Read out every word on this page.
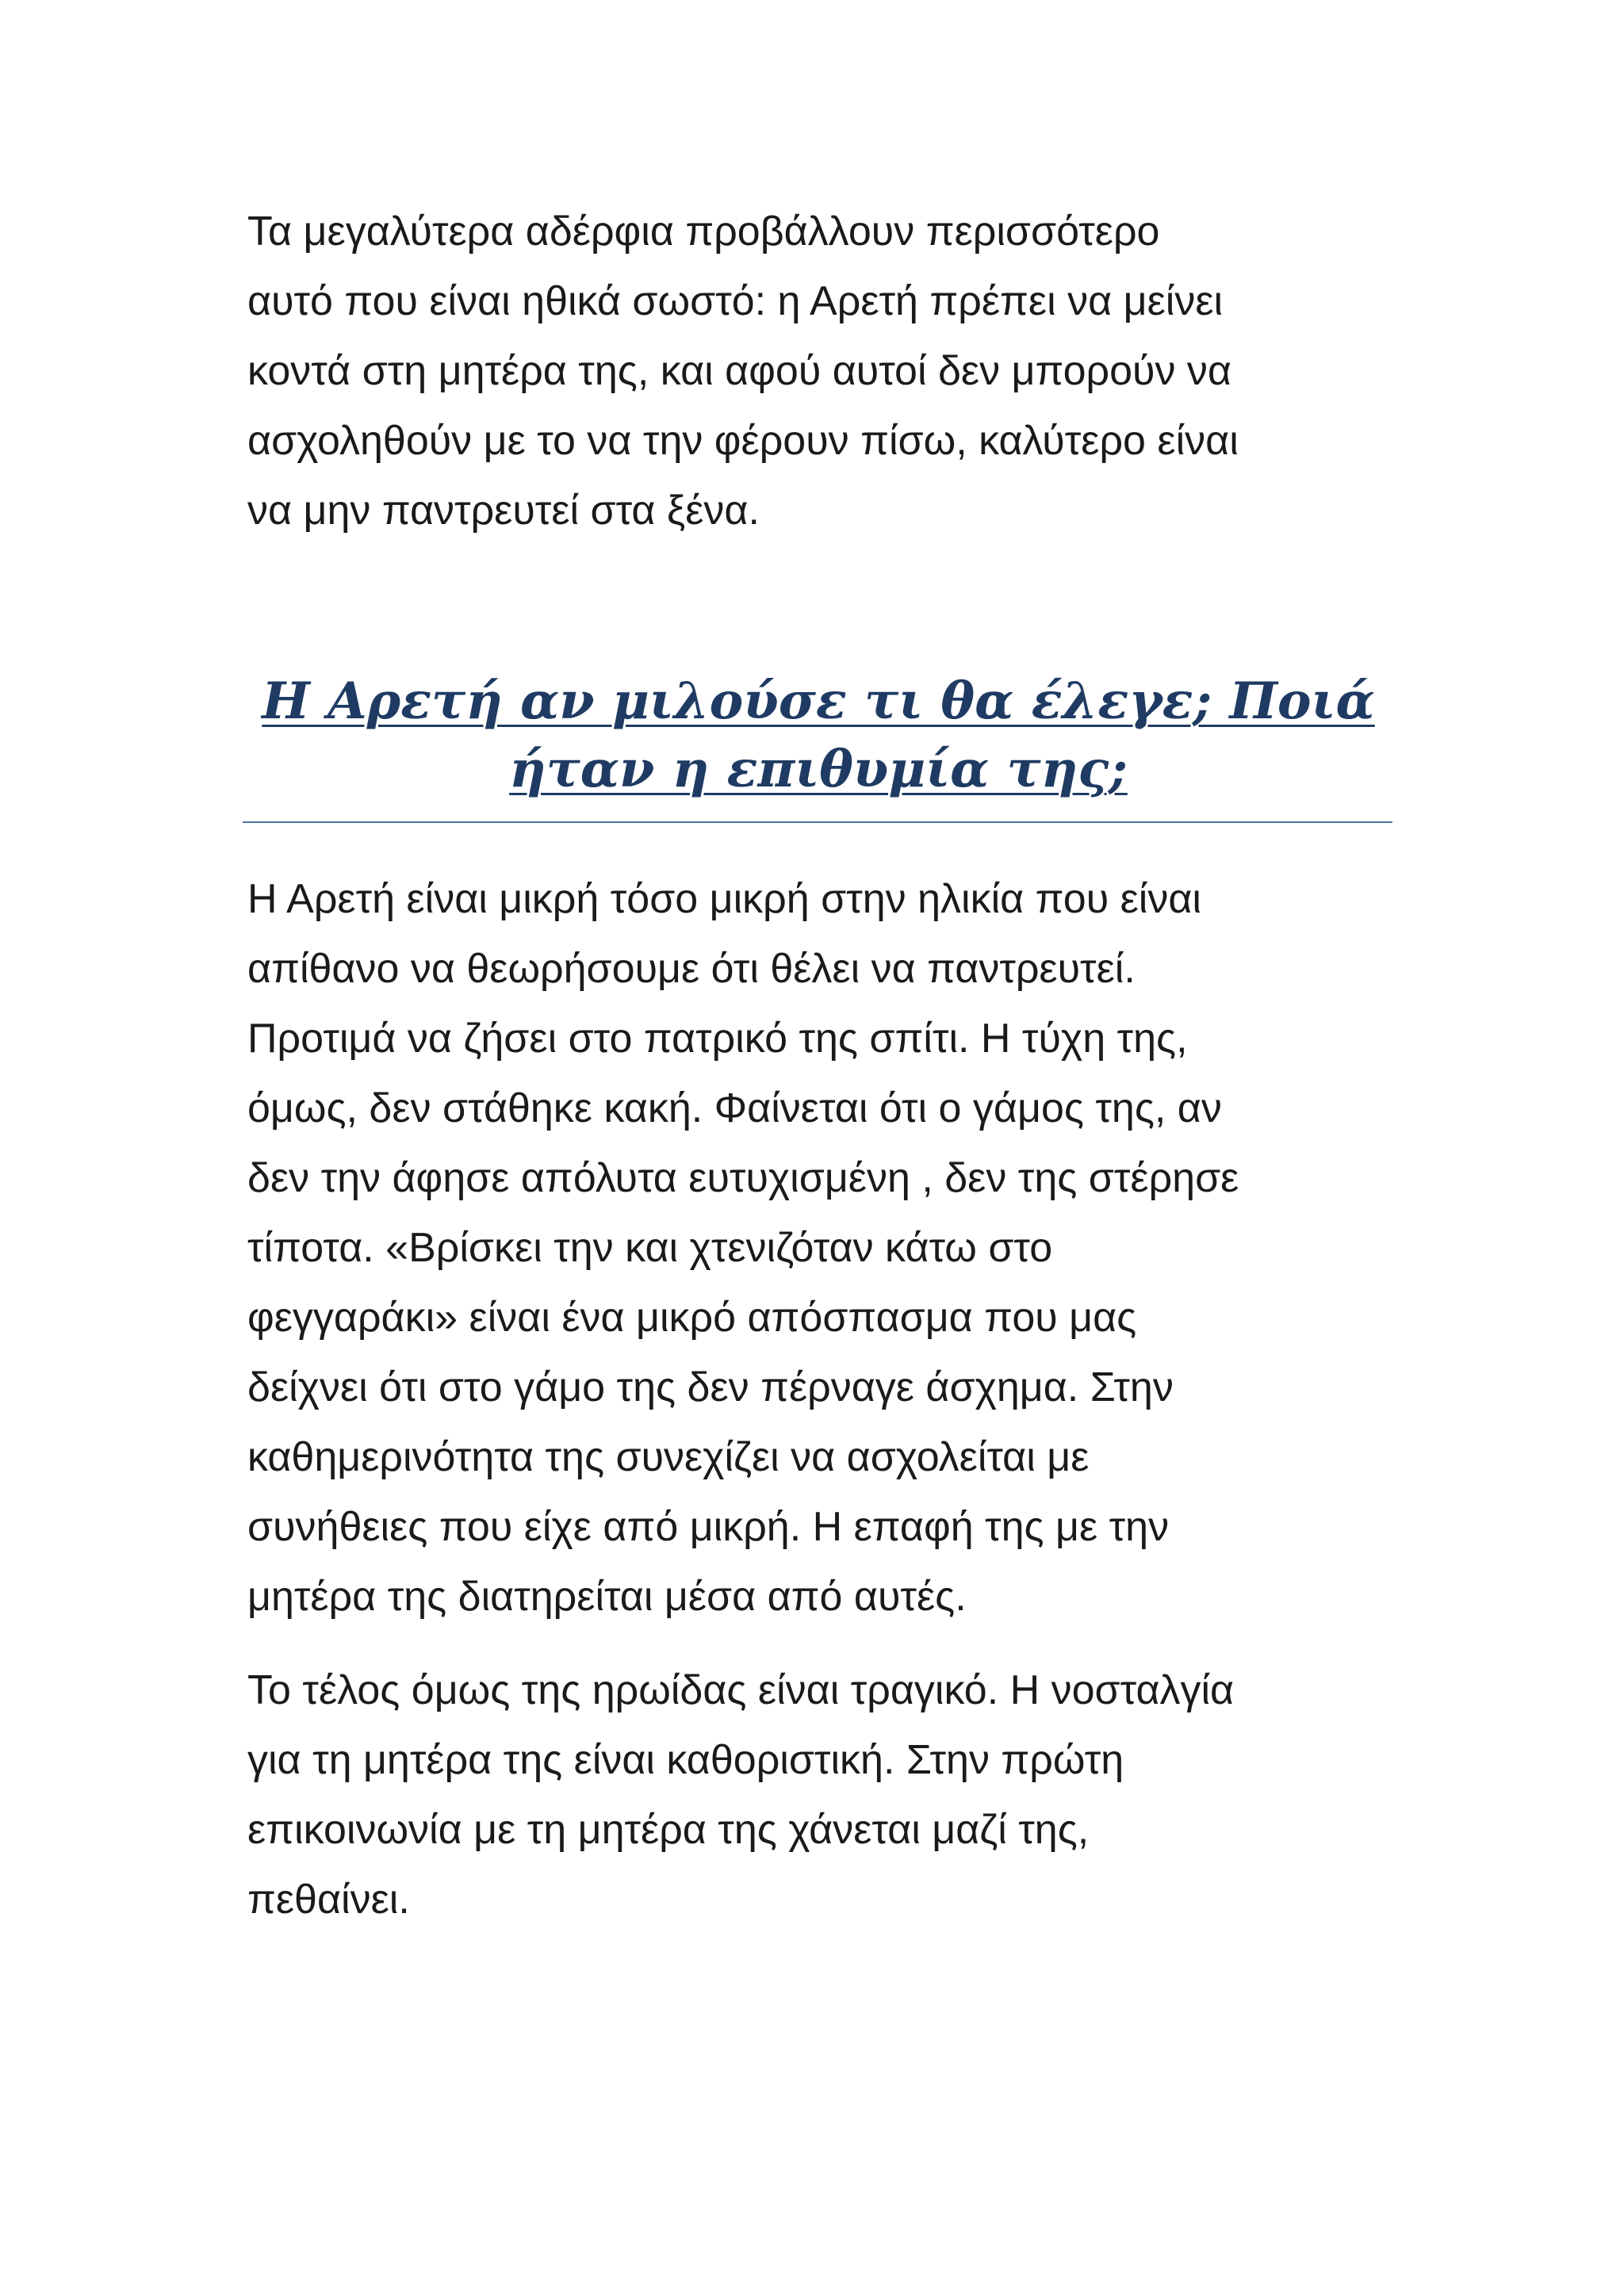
Τα μεγαλύτερα αδέρφια προβάλλουν περισσότερο
αυτό που είναι ηθικά σωστό: η Αρετή πρέπει να μείνει
κοντά στη μητέρα της, και αφού αυτοί δεν μπορούν να
ασχοληθούν με το να την φέρουν πίσω, καλύτερο είναι
να μην παντρευτεί στα ξένα.

Η Αρετή αν μιλούσε τι θα έλεγε; Ποιά
ήταν η επιθυμία της;

Η Αρετή είναι μικρή τόσο μικρή στην ηλικία που είναι
απίθανο να θεωρήσουμε ότι θέλει να παντρευτεί.
Προτιμά να ζήσει στο πατρικό της σπίτι. Η τύχη της,
όμως, δεν στάθηκε κακή. Φαίνεται ότι ο γάμος της, αν
δεν την άφησε απόλυτα ευτυχισμένη , δεν της στέρησε
τίποτα. «Βρίσκει την και χτενιζόταν κάτω στο
φεγγαράκι» είναι ένα μικρό απόσπασμα που μας
δείχνει ότι στο γάμο της δεν πέρναγε άσχημα. Στην
καθημερινότητα της συνεχίζει να ασχολείται με
συνήθειες που είχε από μικρή. Η επαφή της με την
μητέρα της διατηρείται μέσα από αυτές.

Το τέλος όμως της ηρωίδας είναι τραγικό. Η νοσταλγία
για τη μητέρα της είναι καθοριστική. Στην πρώτη
επικοινωνία με τη μητέρα της χάνεται μαζί της,
πεθαίνει.
